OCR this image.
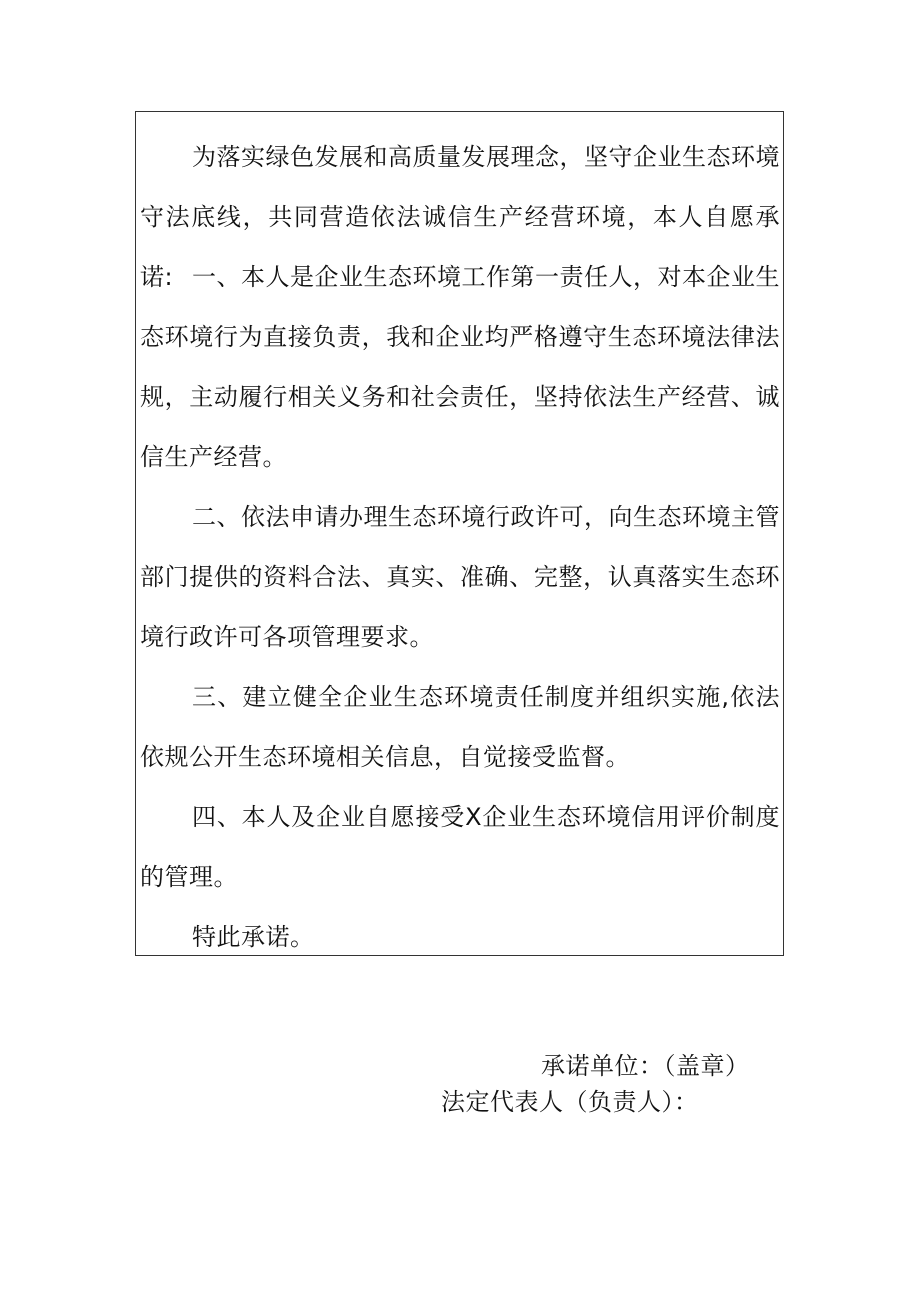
为落实绿色发展和高质量发展理念，坚守企业生态环境守法底线，共同营造依法诚信生产经营环境，本人自愿承诺: 一、本人是企业生态环境工作第一责任人，对本企业生态环境行为直接负责，我和企业均严格遵守生态环境法律法规，主动履行相关义务和社会责任，坚持依法生产经营、诚信生产经营。

二、依法申请办理生态环境行政许可，向生态环境主管部门提供的资料合法、真实、准确、完整，认真落实生态环境行政许可各项管理要求。

三、建立健全企业生态环境责任制度并组织实施,依法依规公开生态环境相关信息，自觉接受监督。

四、本人及企业自愿接受X企业生态环境信用评价制度的管理。

特此承诺。

承诺单位：（盖章）
法定代表人（负责人）：
